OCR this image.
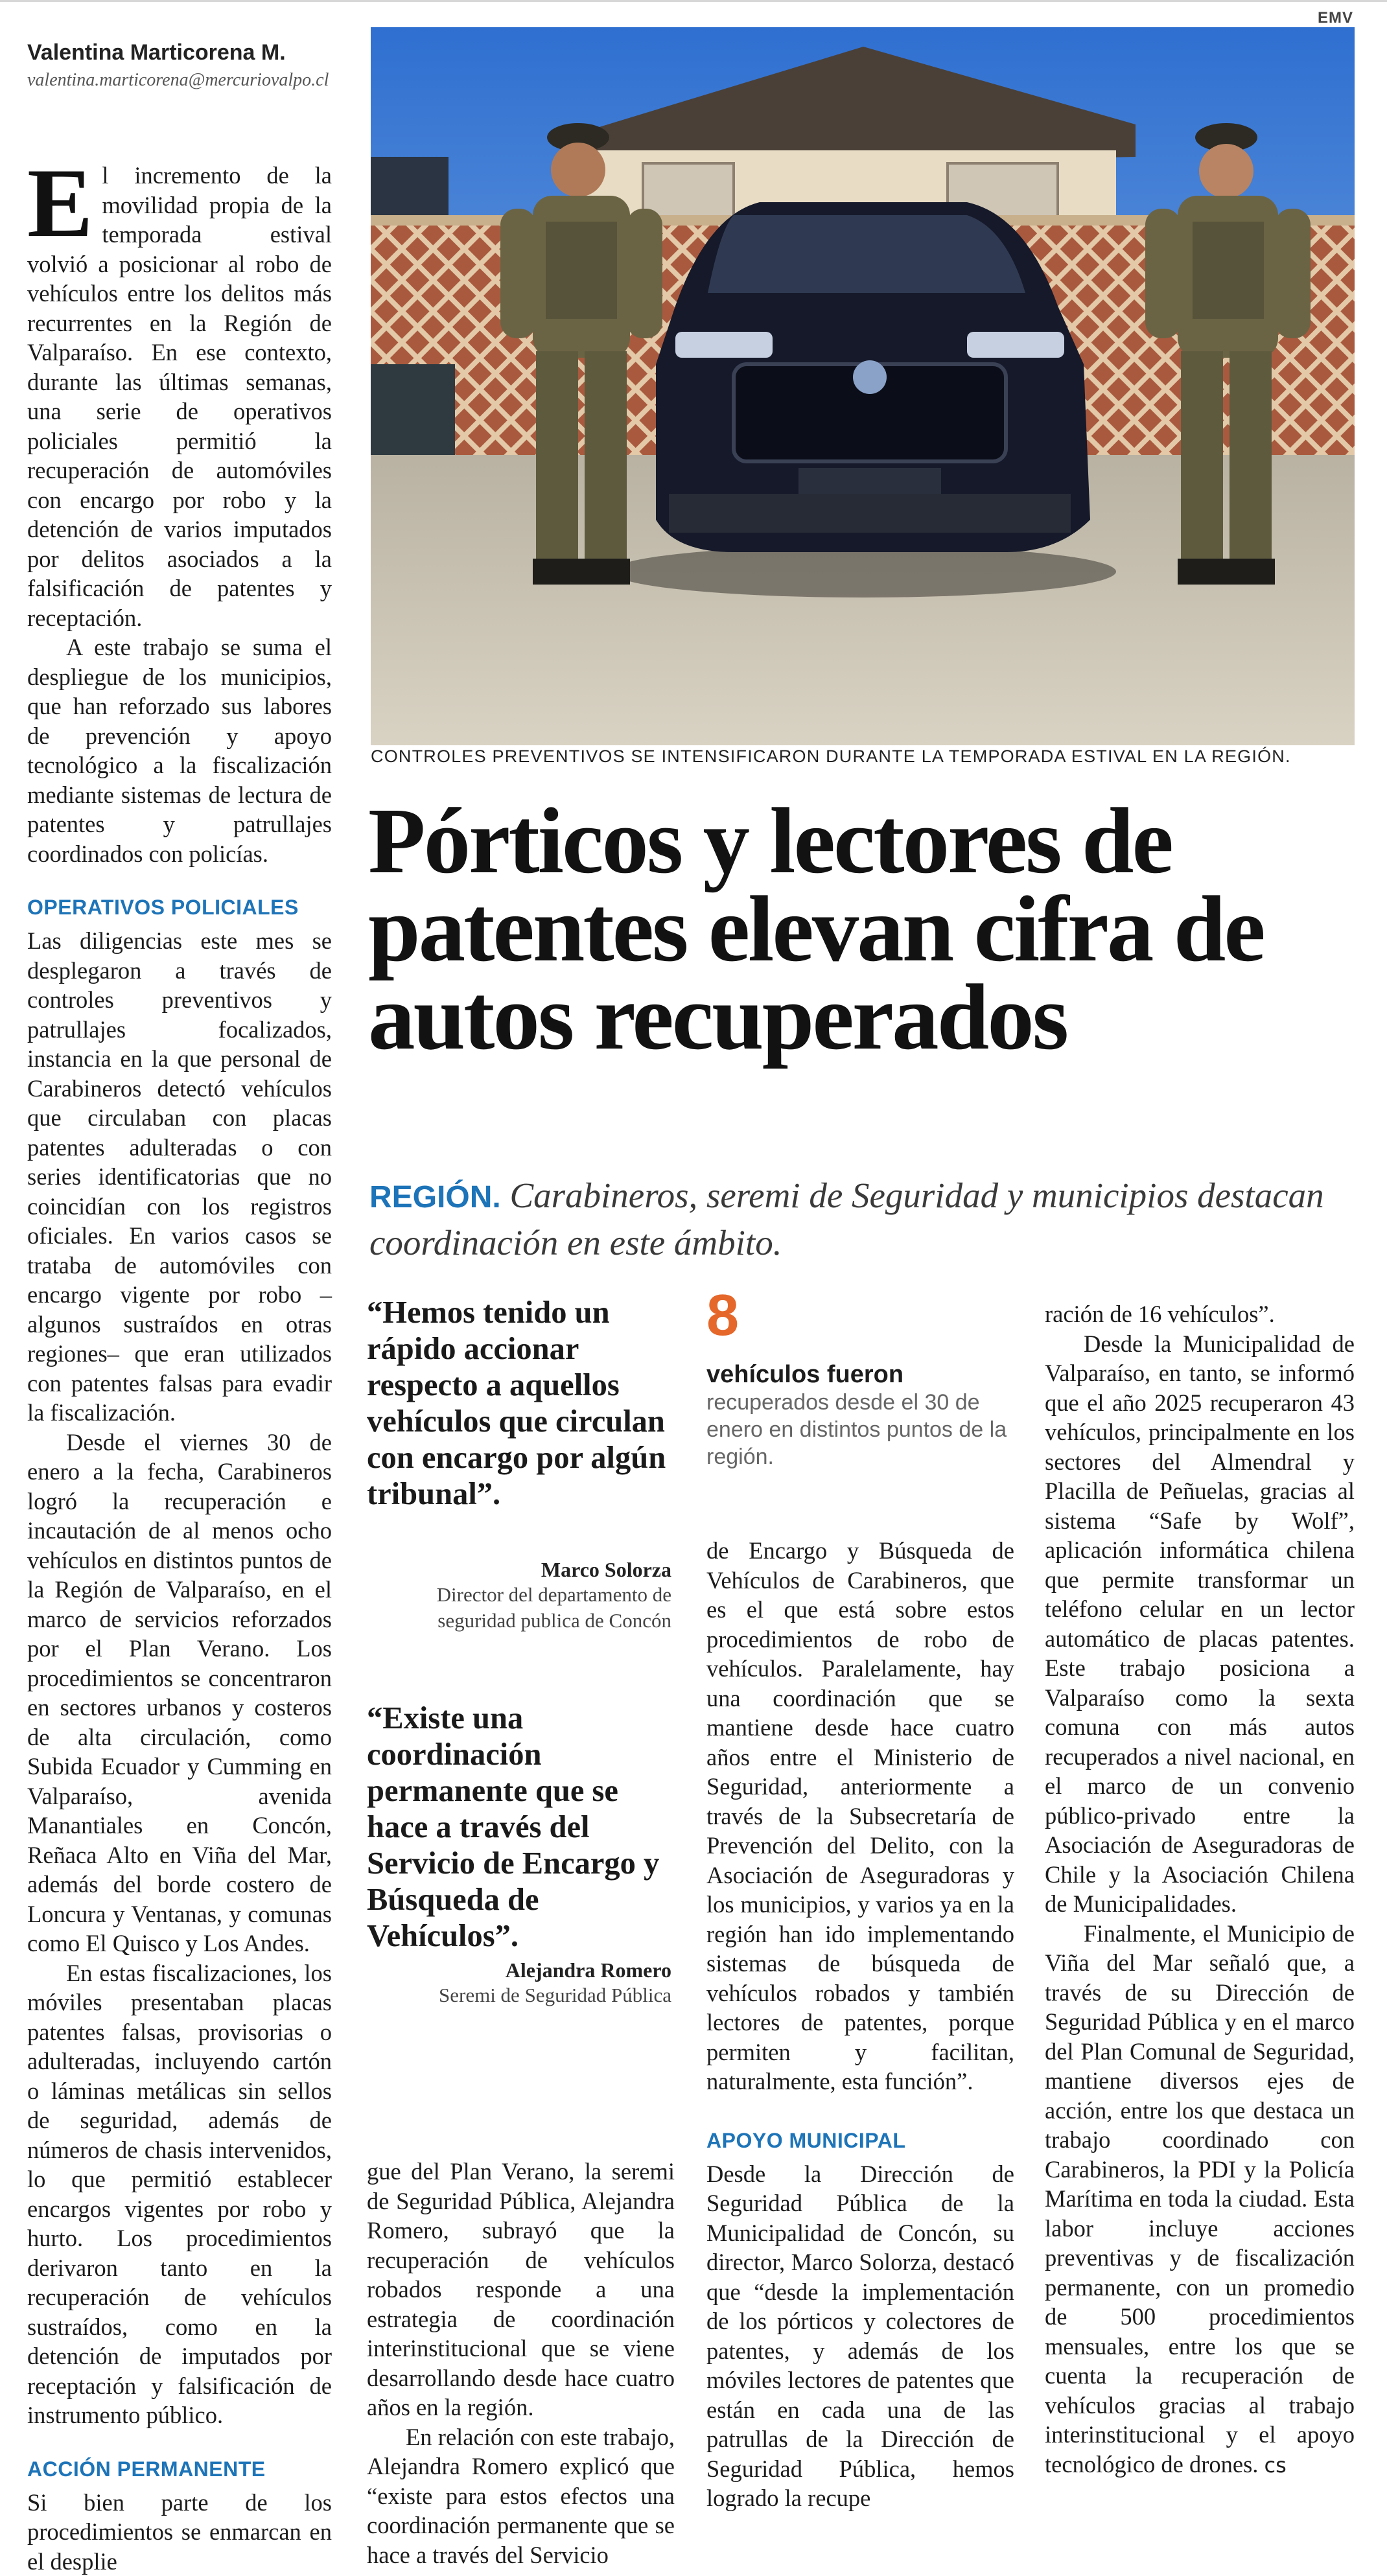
EMV
Valentina Marticorena M.
valentina.marticorena@mercuriovalpo.cl

El incremento de la movilidad propia de la temporada estival volvió a posicionar al robo de vehículos entre los delitos más recurrentes en la Región de Valparaíso. En ese contexto, durante las últimas semanas, una serie de operativos policiales permitió la recuperación de automóviles con encargo por robo y la detención de varios imputados por delitos asociados a la falsificación de patentes y receptación.

A este trabajo se suma el despliegue de los municipios, que han reforzado sus labores de prevención y apoyo tecnológico a la fiscalización mediante sistemas de lectura de patentes y patrullajes coordinados con policías.

OPERATIVOS POLICIALES

Las diligencias este mes se desplegaron a través de controles preventivos y patrullajes focalizados, instancia en la que personal de Carabineros detectó vehículos que circulaban con placas patentes adulteradas o con series identificatorias que no coincidían con los registros oficiales. En varios casos se trataba de automóviles con encargo vigente por robo –algunos sustraídos en otras regiones– que eran utilizados con patentes falsas para evadir la fiscalización.

Desde el viernes 30 de enero a la fecha, Carabineros logró la recuperación e incautación de al menos ocho vehículos en distintos puntos de la Región de Valparaíso, en el marco de servicios reforzados por el Plan Verano. Los procedimientos se concentraron en sectores urbanos y costeros de alta circulación, como Subida Ecuador y Cumming en Valparaíso, avenida Manantiales en Concón, Reñaca Alto en Viña del Mar, además del borde costero de Loncura y Ventanas, y comunas como El Quisco y Los Andes.

En estas fiscalizaciones, los móviles presentaban placas patentes falsas, provisorias o adulteradas, incluyendo cartón o láminas metálicas sin sellos de seguridad, además de números de chasis intervenidos, lo que permitió establecer encargos vigentes por robo y hurto. Los procedimientos derivaron tanto en la recuperación de vehículos sustraídos, como en la detención de imputados por receptación y falsificación de instrumento público.

ACCIÓN PERMANENTE

Si bien parte de los procedimientos se enmarcan en el desplie

CONTROLES PREVENTIVOS SE INTENSIFICARON DURANTE LA TEMPORADA ESTIVAL EN LA REGIÓN.
Pórticos y lectores de patentes elevan cifra de autos recuperados
REGIÓN. Carabineros, seremi de Seguridad y municipios destacan coordinación en este ámbito.
“Hemos tenido un rápido accionar respecto a aquellos vehículos que circulan con encargo por algún tribunal”.
Marco Solorza
Director del departamento de seguridad publica de Concón
“Existe una coordinación permanente que se hace a través del Servicio de Encargo y Búsqueda de Vehículos”.
Alejandra Romero
Seremi de Seguridad Pública

gue del Plan Verano, la seremi de Seguridad Pública, Alejandra Romero, subrayó que la recuperación de vehículos robados responde a una estrategia de coordinación interinstitucional que se viene desarrollando desde hace cuatro años en la región.

En relación con este trabajo, Alejandra Romero explicó que “existe para estos efectos una coordinación permanente que se hace a través del Servicio

8
vehículos fueron recuperados desde el 30 de enero en distintos puntos de la región.

de Encargo y Búsqueda de Vehículos de Carabineros, que es el que está sobre estos procedimientos de robo de vehículos. Paralelamente, hay una coordinación que se mantiene desde hace cuatro años entre el Ministerio de Seguridad, anteriormente a través de la Subsecretaría de Prevención del Delito, con la Asociación de Aseguradoras y los municipios, y varios ya en la región han ido implementando sistemas de búsqueda de vehículos robados y también lectores de patentes, porque permiten y facilitan, naturalmente, esta función”.

APOYO MUNICIPAL

Desde la Dirección de Seguridad Pública de la Municipalidad de Concón, su director, Marco Solorza, destacó que “desde la implementación de los pórticos y colectores de patentes, y además de los móviles lectores de patentes que están en cada una de las patrullas de la Dirección de Seguridad Pública, hemos logrado la recupe

ración de 16 vehículos”.

Desde la Municipalidad de Valparaíso, en tanto, se informó que el año 2025 recuperaron 43 vehículos, principalmente en los sectores del Almendral y Placilla de Peñuelas, gracias al sistema “Safe by Wolf”, aplicación informática chilena que permite transformar un teléfono celular en un lector automático de placas patentes. Este trabajo posiciona a Valparaíso como la sexta comuna con más autos recuperados a nivel nacional, en el marco de un convenio público-privado entre la Asociación de Aseguradoras de Chile y la Asociación Chilena de Municipalidades.

Finalmente, el Municipio de Viña del Mar señaló que, a través de su Dirección de Seguridad Pública y en el marco del Plan Comunal de Seguridad, mantiene diversos ejes de acción, entre los que destaca un trabajo coordinado con Carabineros, la PDI y la Policía Marítima en toda la ciudad. Esta labor incluye acciones preventivas y de fiscalización permanente, con un promedio de 500 procedimientos mensuales, entre los que se cuenta la recuperación de vehículos gracias al trabajo interinstitucional y el apoyo tecnológico de drones. cs
